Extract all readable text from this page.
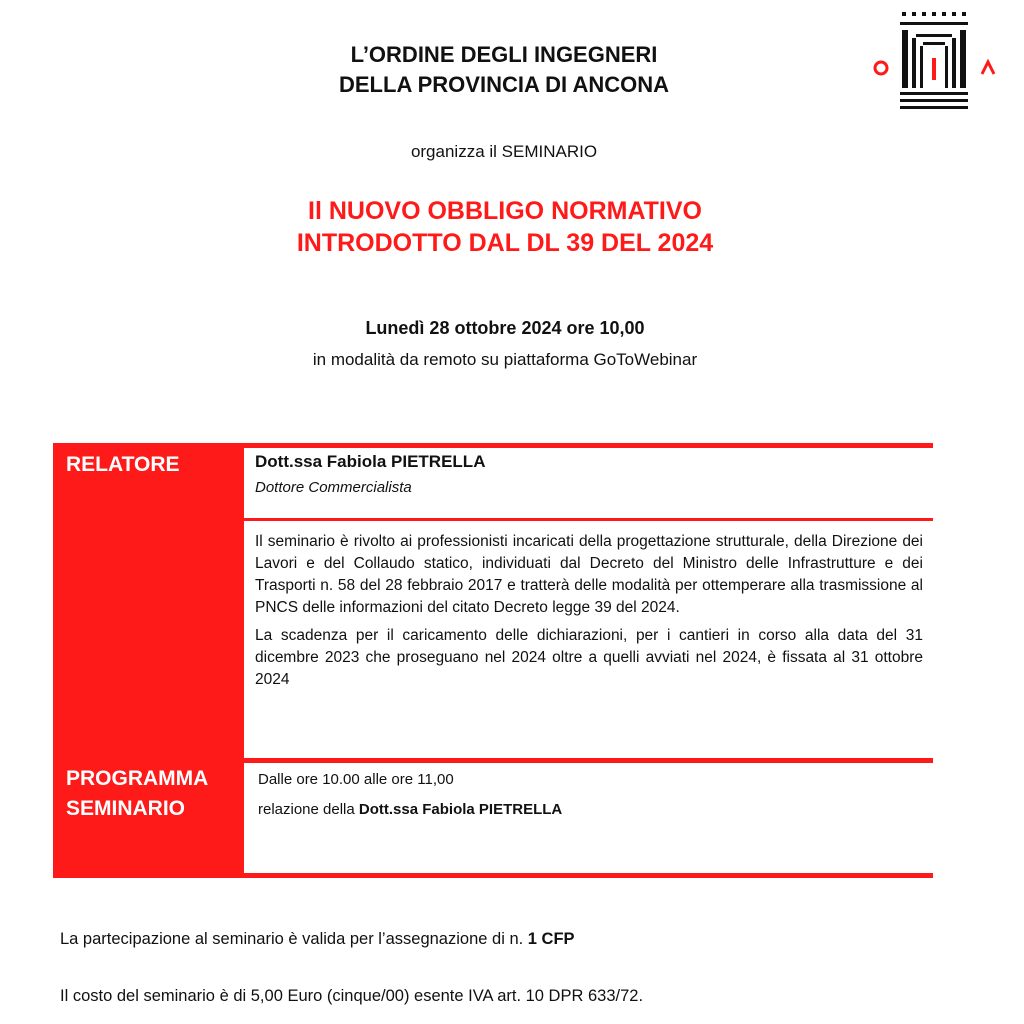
L’ORDINE DEGLI INGEGNERI
DELLA PROVINCIA DI ANCONA
organizza il SEMINARIO
Il NUOVO OBBLIGO NORMATIVO
INTRODOTTO DAL DL 39 DEL 2024
Lunedì 28 ottobre 2024 ore 10,00
in modalità da remoto su piattaforma GoToWebinar
RELATORE	Dott.ssa Fabiola PIETRELLA
Dottore Commercialista

Il seminario è rivolto ai professionisti incaricati della progettazione strutturale, della Direzione dei Lavori e del Collaudo statico, individuati dal Decreto del Ministro delle Infrastrutture e dei Trasporti n. 58 del 28 febbraio 2017 e tratterà delle modalità per ottemperare alla trasmissione al PNCS delle informazioni del citato Decreto legge 39 del 2024.

La scadenza per il caricamento delle dichiarazioni, per i cantieri in corso alla data del 31 dicembre 2023 che proseguano nel 2024 oltre a quelli avviati nel 2024, è fissata al 31 ottobre 2024

PROGRAMMA
SEMINARIO
Dalle ore 10.00 alle ore 11,00
relazione della Dott.ssa Fabiola PIETRELLA
La partecipazione al seminario è valida per l’assegnazione di n. 1 CFP
Il costo del seminario è di 5,00 Euro (cinque/00) esente IVA art. 10 DPR 633/72.
